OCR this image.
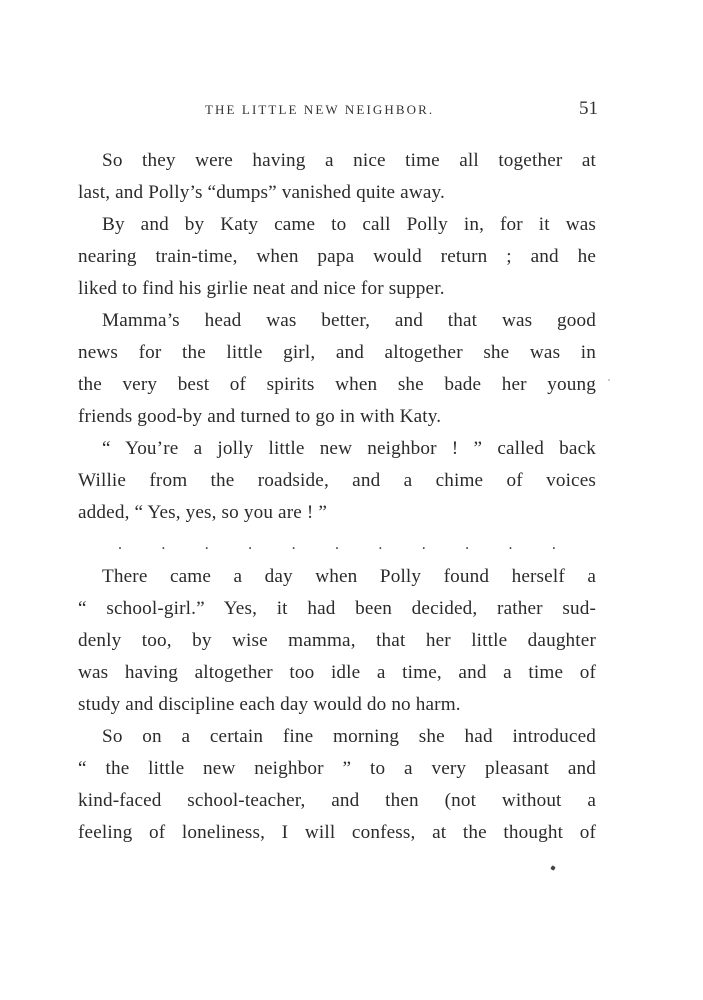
THE LITTLE NEW NEIGHBOR.	51
So they were having a nice time all together at
last, and Polly’s “dumps” vanished quite away.
By and by Katy came to call Polly in, for it was
nearing train-time, when papa would return ; and he
liked to find his girlie neat and nice for supper.
Mamma’s head was better, and that was good
news for the little girl, and altogether she was in
the very best of spirits when she bade her young
friends good-by and turned to go in with Katy.
“ You’re a jolly little new neighbor ! ” called back
Willie from the roadside, and a chime of voices
added, “ Yes, yes, so you are ! ”
. . . . . . . . . . .
There came a day when Polly found herself a
“ school-girl.” Yes, it had been decided, rather sud-
denly too, by wise mamma, that her little daughter
was having altogether too idle a time, and a time of
study and discipline each day would do no harm.
So on a certain fine morning she had introduced
“ the little new neighbor ” to a very pleasant and
kind-faced school-teacher, and then (not without a
feeling of loneliness, I will confess, at the thought of
